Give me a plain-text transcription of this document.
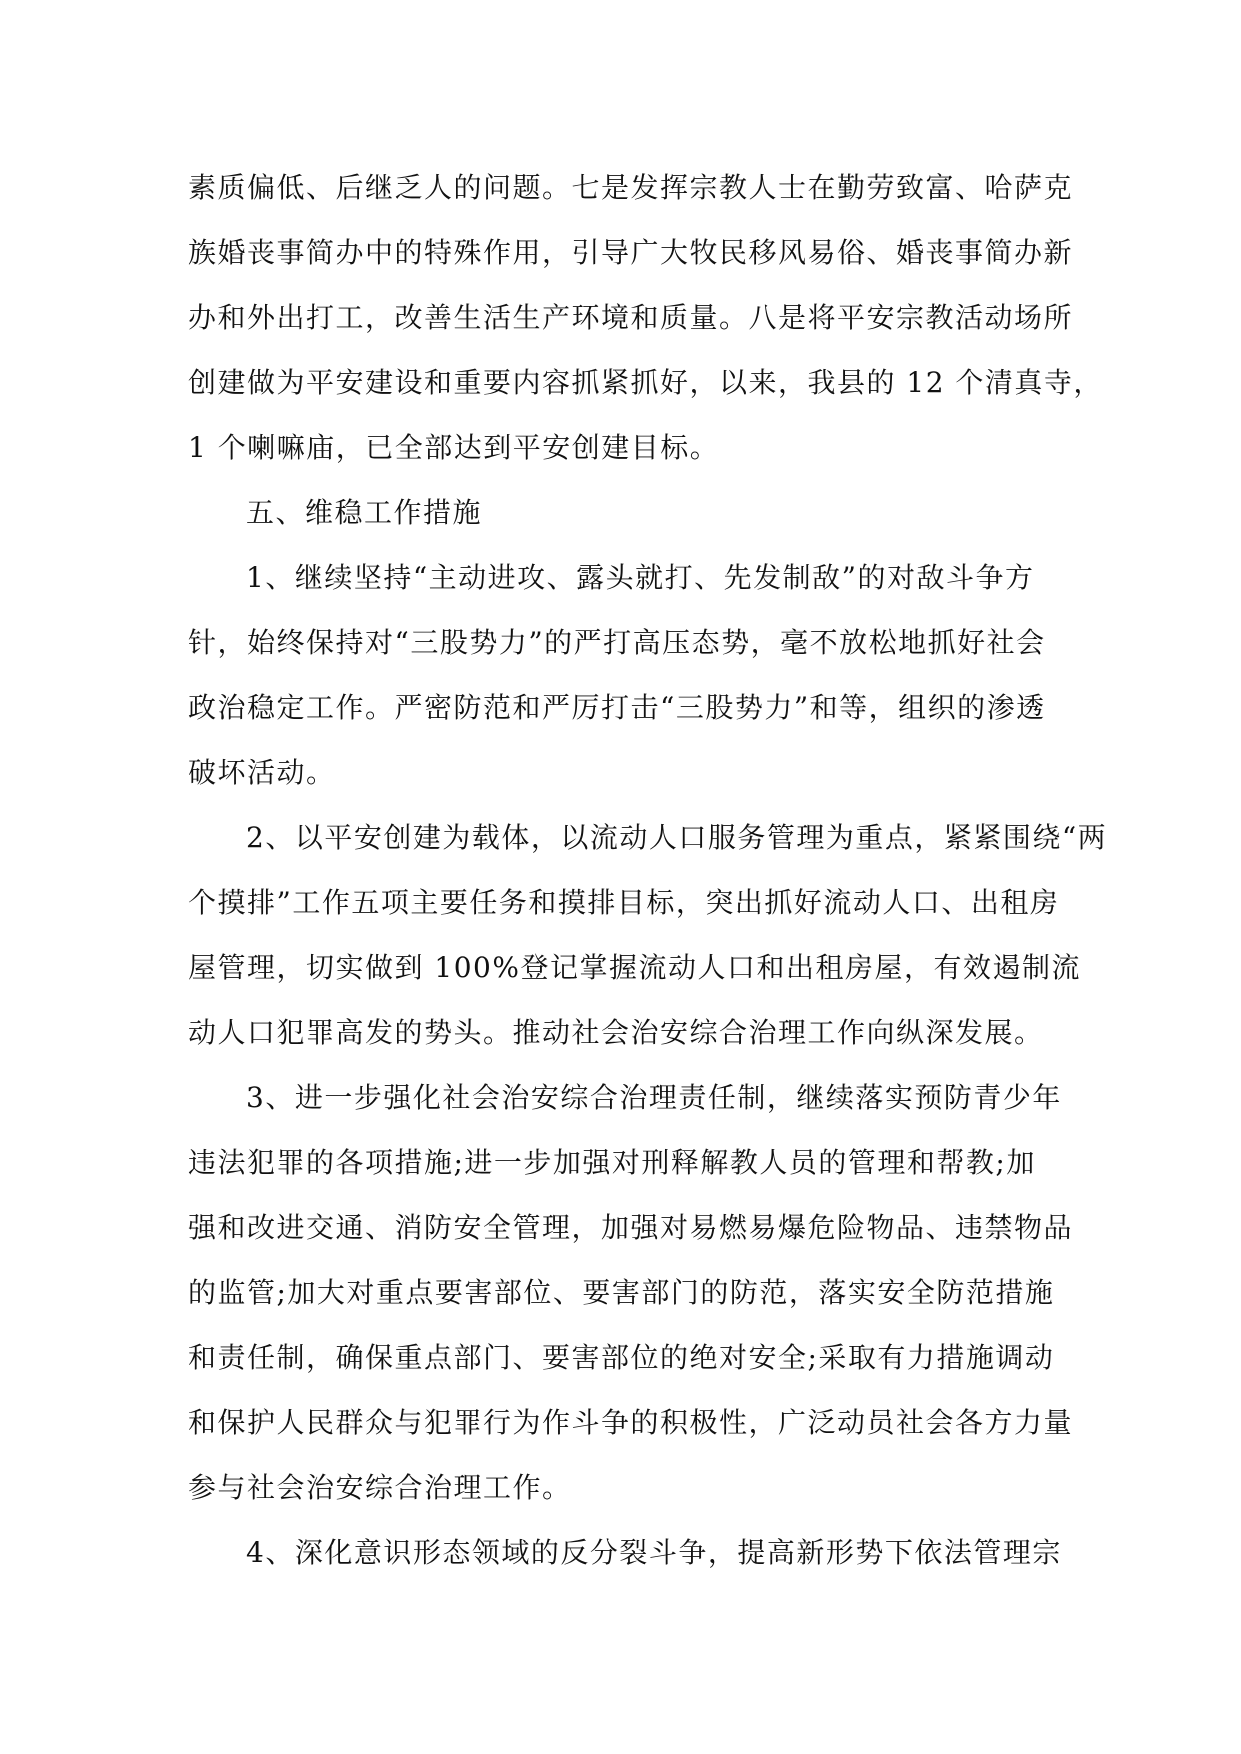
素质偏低、后继乏人的问题。七是发挥宗教人士在勤劳致富、哈萨克
族婚丧事简办中的特殊作用，引导广大牧民移风易俗、婚丧事简办新
办和外出打工，改善生活生产环境和质量。八是将平安宗教活动场所
创建做为平安建设和重要内容抓紧抓好，以来，我县的 12 个清真寺，
1 个喇嘛庙，已全部达到平安创建目标。
五、维稳工作措施
1、继续坚持“主动进攻、露头就打、先发制敌”的对敌斗争方
针，始终保持对“三股势力”的严打高压态势，毫不放松地抓好社会
政治稳定工作。严密防范和严厉打击“三股势力”和等，组织的渗透
破坏活动。
2、以平安创建为载体，以流动人口服务管理为重点，紧紧围绕“两
个摸排”工作五项主要任务和摸排目标，突出抓好流动人口、出租房
屋管理，切实做到 100%登记掌握流动人口和出租房屋，有效遏制流
动人口犯罪高发的势头。推动社会治安综合治理工作向纵深发展。
3、进一步强化社会治安综合治理责任制，继续落实预防青少年
违法犯罪的各项措施;进一步加强对刑释解教人员的管理和帮教;加
强和改进交通、消防安全管理，加强对易燃易爆危险物品、违禁物品
的监管;加大对重点要害部位、要害部门的防范，落实安全防范措施
和责任制，确保重点部门、要害部位的绝对安全;采取有力措施调动
和保护人民群众与犯罪行为作斗争的积极性，广泛动员社会各方力量
参与社会治安综合治理工作。
4、深化意识形态领域的反分裂斗争，提高新形势下依法管理宗
